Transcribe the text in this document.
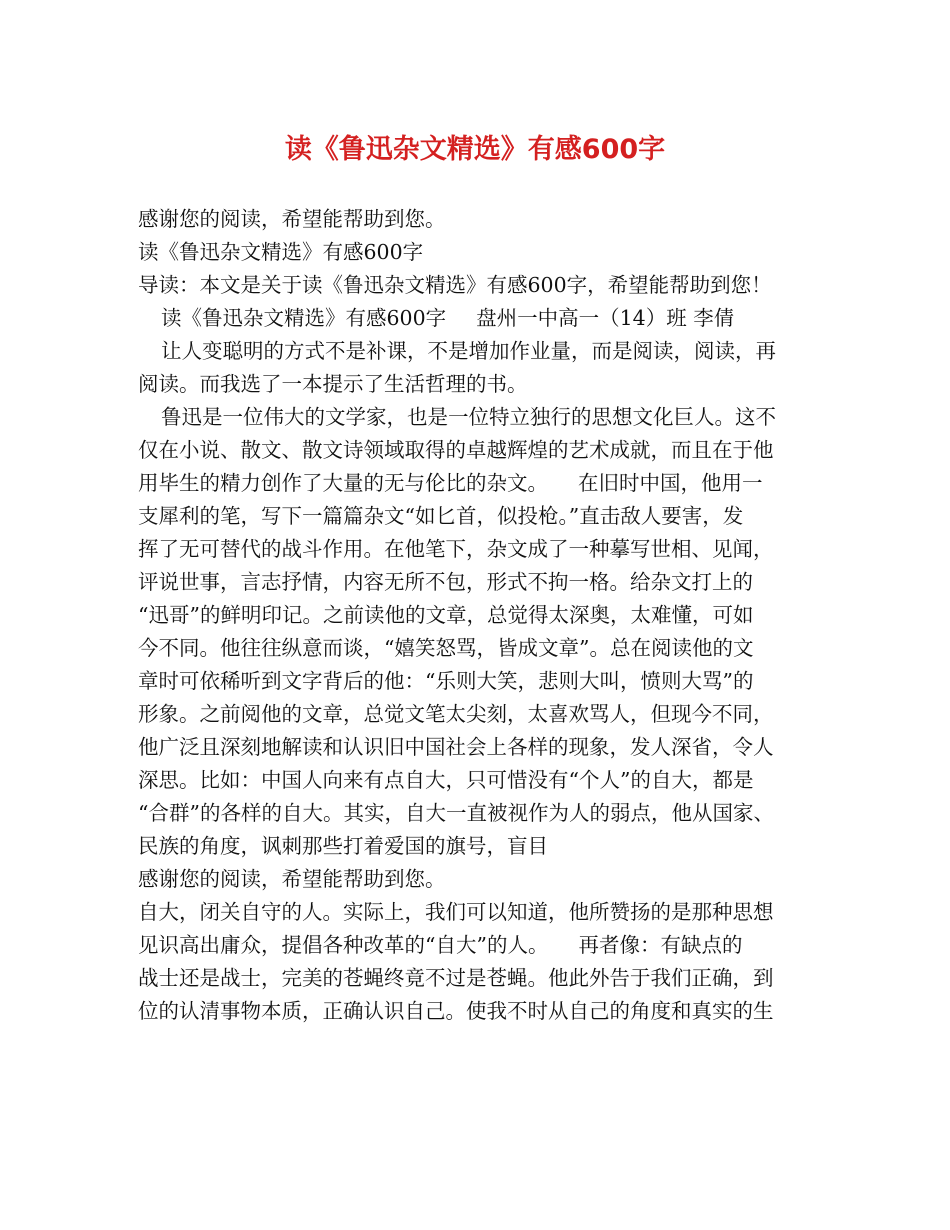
读《鲁迅杂文精选》有感600字
感谢您的阅读，希望能帮助到您。
读《鲁迅杂文精选》有感600字
导读：本文是关于读《鲁迅杂文精选》有感600字，希望能帮助到您！
读《鲁迅杂文精选》有感600字 盘州一中高一（14）班 李倩
让人变聪明的方式不是补课，不是增加作业量，而是阅读，阅读，再
阅读。而我选了一本提示了生活哲理的书。
鲁迅是一位伟大的文学家，也是一位特立独行的思想文化巨人。这不
仅在小说、散文、散文诗领域取得的卓越辉煌的艺术成就，而且在于他
用毕生的精力创作了大量的无与伦比的杂文。 在旧时中国，他用一
支犀利的笔，写下一篇篇杂文“如匕首，似投枪。”直击敌人要害，发
挥了无可替代的战斗作用。在他笔下，杂文成了一种摹写世相、见闻，
评说世事，言志抒情，内容无所不包，形式不拘一格。给杂文打上的
“迅哥”的鲜明印记。之前读他的文章，总觉得太深奥，太难懂，可如
今不同。他往往纵意而谈，“嬉笑怒骂，皆成文章”。总在阅读他的文
章时可依稀听到文字背后的他：“乐则大笑，悲则大叫，愤则大骂”的
形象。之前阅他的文章，总觉文笔太尖刻，太喜欢骂人，但现今不同，
他广泛且深刻地解读和认识旧中国社会上各样的现象，发人深省，令人
深思。比如：中国人向来有点自大，只可惜没有“个人”的自大，都是
“合群”的各样的自大。其实，自大一直被视作为人的弱点，他从国家、
民族的角度，讽刺那些打着爱国的旗号，盲目
感谢您的阅读，希望能帮助到您。
自大，闭关自守的人。实际上，我们可以知道，他所赞扬的是那种思想
见识高出庸众，提倡各种改革的“自大”的人。 再者像：有缺点的
战士还是战士，完美的苍蝇终竟不过是苍蝇。他此外告于我们正确，到
位的认清事物本质，正确认识自己。使我不时从自己的角度和真实的生
